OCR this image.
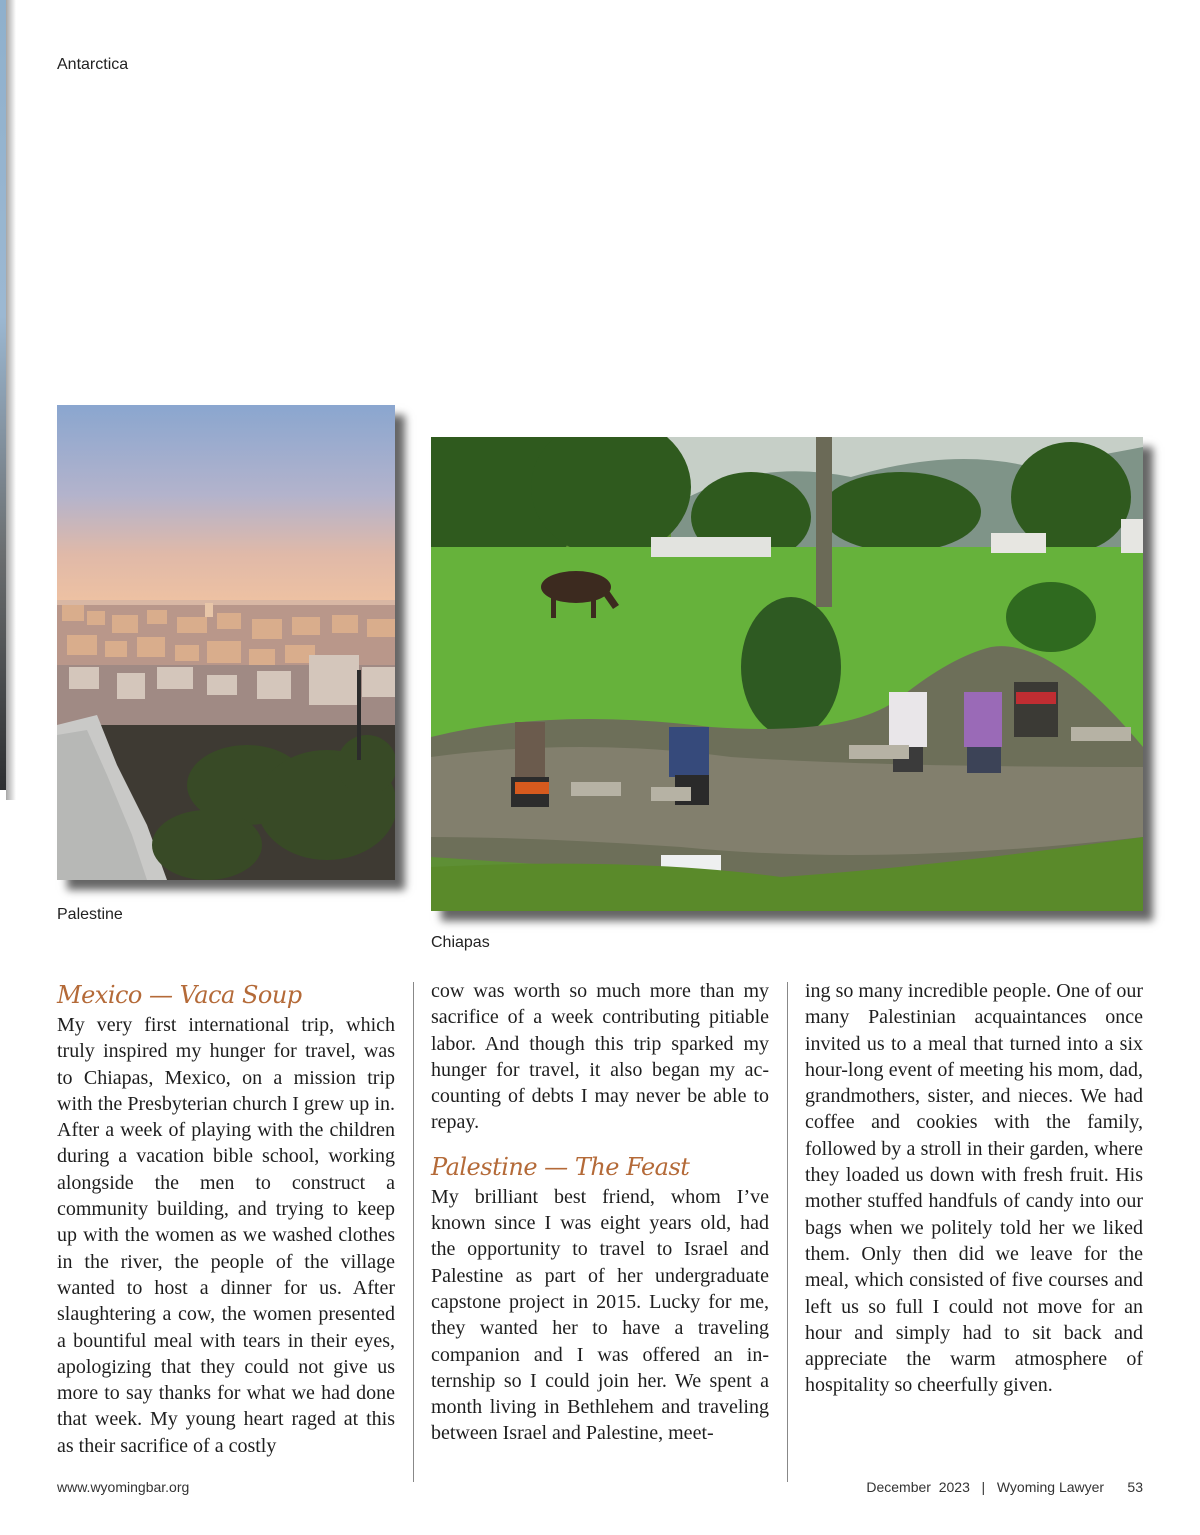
Antarctica
Palestine
Chiapas
Mexico — Vaca Soup

My very first international trip, which truly inspired my hunger for travel, was to Chiapas, Mexico, on a mission trip with the Presbyterian church I grew up in. After a week of playing with the children during a vacation bible school, working alongside the men to construct a community building, and trying to keep up with the women as we washed clothes in the river, the people of the village wanted to host a dinner for us. After slaughtering a cow, the women presented a bountiful meal with tears in their eyes, apologizing that they could not give us more to say thanks for what we had done that week. My young heart raged at this as their sacrifice of a costly

cow was worth so much more than my sacrifice of a week contributing pitiable labor. And though this trip sparked my hunger for travel, it also began my accounting of debts I may never be able to repay.

Palestine — The Feast

My brilliant best friend, whom I’ve known since I was eight years old, had the opportunity to travel to Israel and Palestine as part of her undergraduate capstone project in 2015. Lucky for me, they wanted her to have a traveling companion and I was offered an internship so I could join her. We spent a month living in Bethlehem and traveling between Israel and Palestine, meet-

ing so many incredible people. One of our many Palestinian acquaintances once invited us to a meal that turned into a six hour-long event of meeting his mom, dad, grandmothers, sister, and nieces. We had coffee and cookies with the family, followed by a stroll in their garden, where they loaded us down with fresh fruit. His mother stuffed handfuls of candy into our bags when we politely told her we liked them. Only then did we leave for the meal, which consisted of five courses and left us so full I could not move for an hour and simply had to sit back and appreciate the warm atmosphere of hospitality so cheerfully given.

www.wyomingbar.org	December  2023   |   Wyoming Lawyer      53
